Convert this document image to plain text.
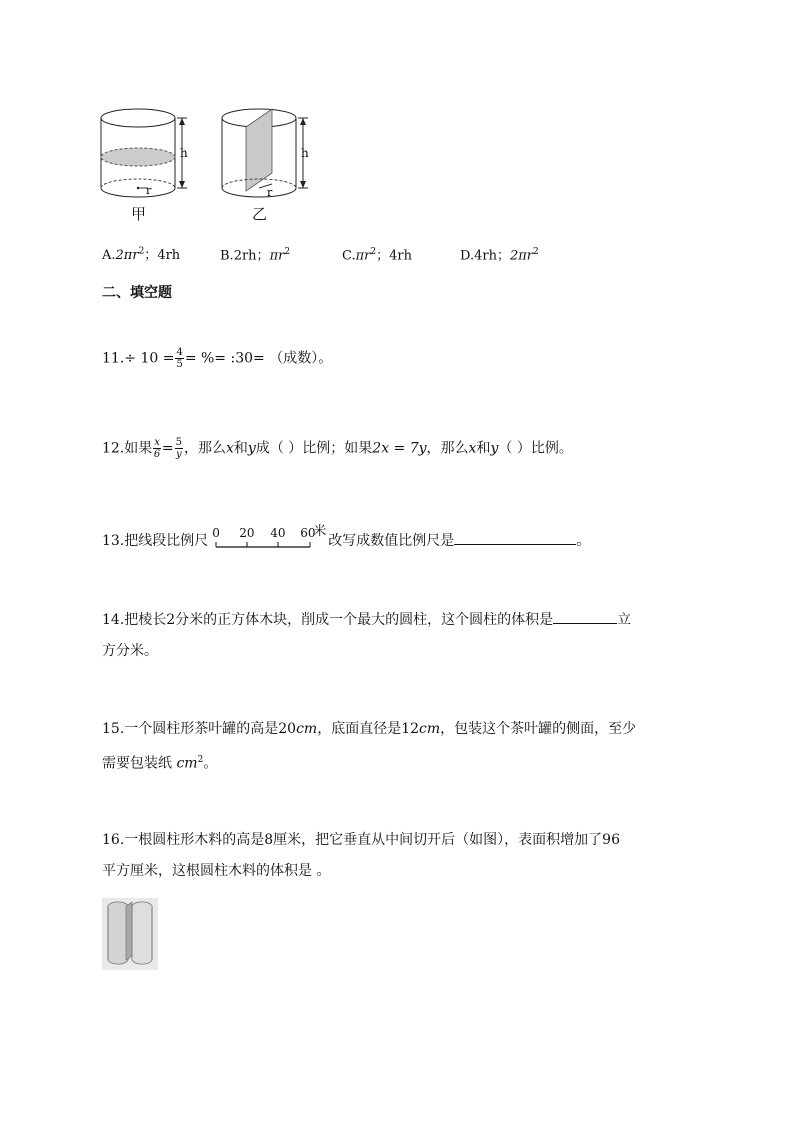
h
r
h
r
甲	乙
$A.2\pi r^2$；4rh	B.2rh；$\pi r^2$	$C.\pi r^2$；4rh	D.4rh；$2\pi r^2$
二、填空题
$11.\div 10 = \frac{4}{5}$ = %= :30= （成数）。
12.如果 $\frac{x}{6} = \frac{5}{y}$ ，那么x和y成（ ）比例；如果2x = 7y，那么x和y（ ）比例。
13.把线段比例尺 0 20 40 60
米
改写成数值比例尺是	。
14.把棱长2分米的正方体木块，削成一个最大的圆柱，这个圆柱的体积是	立
方分米。
15.一个圆柱形茶叶罐的高是20cm，底面直径是12cm，包装这个茶叶罐的侧面，至少
需要包装纸 $cm^2$。
16.一根圆柱形木料的高是8厘米，把它垂直从中间切开后（如图），表面积增加了96
平方厘米，这根圆柱木料的体积是 。
